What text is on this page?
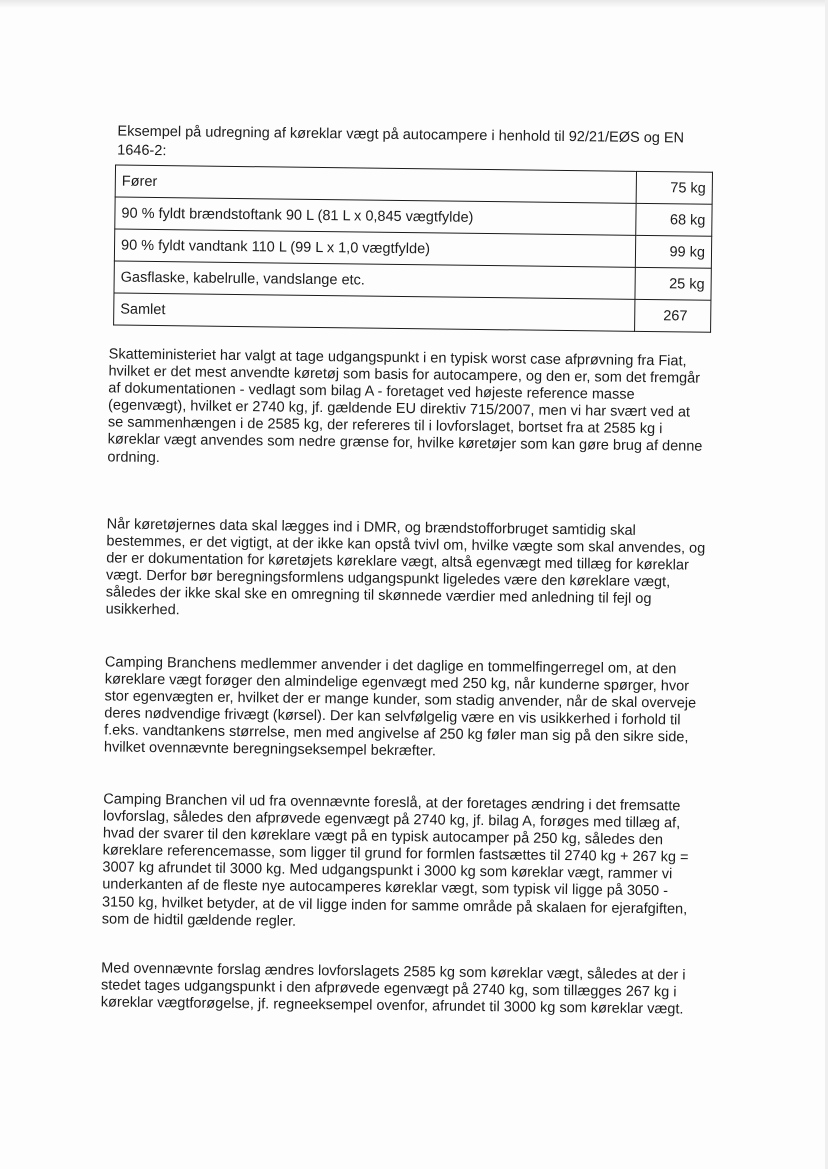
Eksempel på udregning af køreklar vægt på autocampere i henhold til 92/21/EØS og EN 1646-2:
Fører	75 kg
90 % fyldt brændstoftank 90 L (81 L x 0,845 vægtfylde)	68 kg
90 % fyldt vandtank 110 L (99 L x 1,0 vægtfylde)	99 kg
Gasflaske, kabelrulle, vandslange etc.	25 kg
Samlet	267

Skatteministeriet har valgt at tage udgangspunkt i en typisk worst case afprøvning fra Fiat, hvilket er det mest anvendte køretøj som basis for autocampere, og den er, som det fremgår af dokumentationen - vedlagt som bilag A - foretaget ved højeste reference masse (egenvægt), hvilket er 2740 kg, jf. gældende EU direktiv 715/2007, men vi har svært ved at se sammenhængen i de 2585 kg, der refereres til i lovforslaget, bortset fra at 2585 kg i køreklar vægt anvendes som nedre grænse for, hvilke køretøjer som kan gøre brug af denne ordning.

Når køretøjernes data skal lægges ind i DMR, og brændstofforbruget samtidig skal bestemmes, er det vigtigt, at der ikke kan opstå tvivl om, hvilke vægte som skal anvendes, og der er dokumentation for køretøjets køreklare vægt, altså egenvægt med tillæg for køreklar vægt. Derfor bør beregningsformlens udgangspunkt ligeledes være den køreklare vægt, således der ikke skal ske en omregning til skønnede værdier med anledning til fejl og usikkerhed.

Camping Branchens medlemmer anvender i det daglige en tommelfingerregel om, at den køreklare vægt forøger den almindelige egenvægt med 250 kg, når kunderne spørger, hvor stor egenvægten er, hvilket der er mange kunder, som stadig anvender, når de skal overveje deres nødvendige frivægt (kørsel). Der kan selvfølgelig være en vis usikkerhed i forhold til f.eks. vandtankens størrelse, men med angivelse af 250 kg føler man sig på den sikre side, hvilket ovennævnte beregningseksempel bekræfter.

Camping Branchen vil ud fra ovennævnte foreslå, at der foretages ændring i det fremsatte lovforslag, således den afprøvede egenvægt på 2740 kg, jf. bilag A, forøges med tillæg af, hvad der svarer til den køreklare vægt på en typisk autocamper på 250 kg, således den køreklare referencemasse, som ligger til grund for formlen fastsættes til 2740 kg + 267 kg = 3007 kg afrundet til 3000 kg. Med udgangspunkt i 3000 kg som køreklar vægt, rammer vi underkanten af de fleste nye autocamperes køreklar vægt, som typisk vil ligge på 3050 - 3150 kg, hvilket betyder, at de vil ligge inden for samme område på skalaen for ejerafgiften, som de hidtil gældende regler.

Med ovennævnte forslag ændres lovforslagets 2585 kg som køreklar vægt, således at der i stedet tages udgangspunkt i den afprøvede egenvægt på 2740 kg, som tillægges 267 kg i køreklar vægtforøgelse, jf. regneeksempel ovenfor, afrundet til 3000 kg som køreklar vægt.
